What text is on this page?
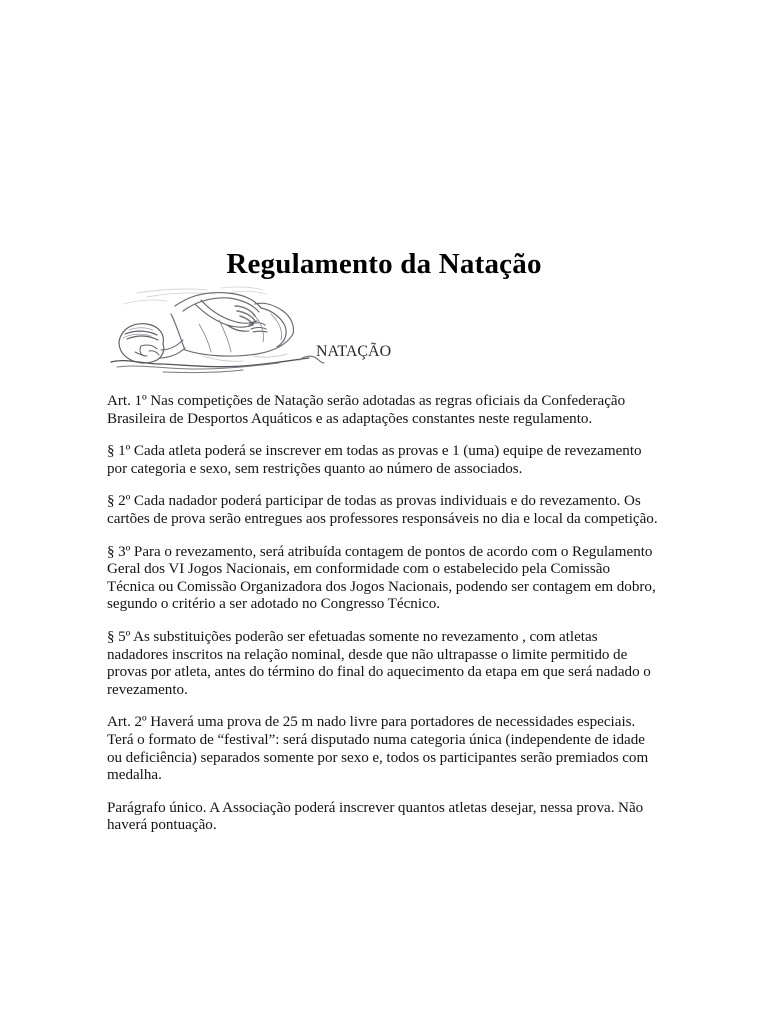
Regulamento da Natação
NATAÇÃO

Art. 1º Nas competições de Natação serão adotadas as regras oficiais da Confederação Brasileira de Desportos Aquáticos e as adaptações constantes neste regulamento.

§ 1º Cada atleta poderá se inscrever em todas as provas e 1 (uma) equipe de revezamento por categoria e sexo, sem restrições quanto ao número de associados.

§ 2º Cada nadador poderá participar de todas as provas individuais e do revezamento. Os cartões de prova serão entregues aos professores responsáveis no dia e local da competição.

§ 3º Para o revezamento, será atribuída contagem de pontos de acordo com o Regulamento Geral dos VI Jogos Nacionais, em conformidade com o estabelecido pela Comissão Técnica ou Comissão Organizadora dos Jogos Nacionais, podendo ser contagem em dobro, segundo o critério a ser adotado no Congresso Técnico.

§ 5º As substituições poderão ser efetuadas somente no revezamento , com atletas nadadores inscritos na relação nominal, desde que não ultrapasse o limite permitido de provas por atleta, antes do término do final do aquecimento da etapa em que será nadado o revezamento.

Art. 2º Haverá uma prova de 25 m nado livre para portadores de necessidades especiais. Terá o formato de “festival”: será disputado numa categoria única (independente de idade ou deficiência) separados somente por sexo e, todos os participantes serão premiados com medalha.

Parágrafo único. A Associação poderá inscrever quantos atletas desejar, nessa prova. Não haverá pontuação.
